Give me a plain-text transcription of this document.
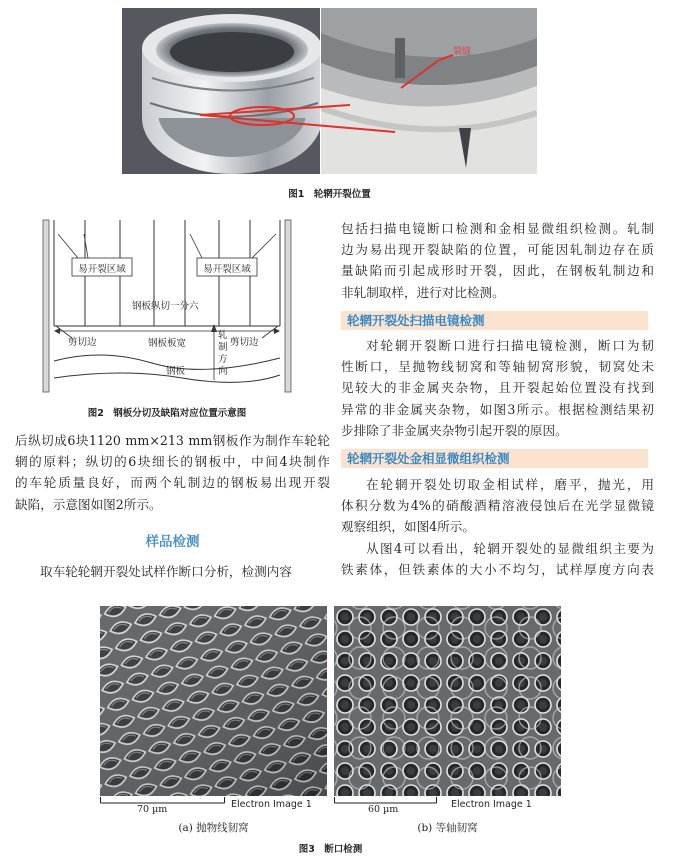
裂缝
图1　轮辋开裂位置
易开裂区域	易开裂区域
钢板纵切一分六
剪切边	剪切边
钢板板宽
轧制方向
钢板
图2　钢板分切及缺陷对应位置示意图
后纵切成6块1120 mm×213 mm钢板作为制作车轮轮
辋的原料；纵切的6块细长的钢板中，中间4块制作
的车轮质量良好，而两个轧制边的钢板易出现开裂
缺陷，示意图如图2所示。
样品检测
取车轮轮辋开裂处试样作断口分析，检测内容
包括扫描电镜断口检测和金相显微组织检测。轧制
边为易出现开裂缺陷的位置，可能因轧制边存在质
量缺陷而引起成形时开裂，因此，在钢板轧制边和
非轧制取样，进行对比检测。
轮辋开裂处扫描电镜检测
对轮辋开裂断口进行扫描电镜检测，断口为韧
性断口，呈抛物线韧窝和等轴韧窝形貌，韧窝处未
见较大的非金属夹杂物，且开裂起始位置没有找到
异常的非金属夹杂物，如图3所示。根据检测结果初
步排除了非金属夹杂物引起开裂的原因。
轮辋开裂处金相显微组织检测
在轮辋开裂处切取金相试样，磨平，抛光，用
体积分数为4%的硝酸酒精溶液侵蚀后在光学显微镜
观察组织，如图4所示。
从图4可以看出，轮辋开裂处的显微组织主要为
铁素体，但铁素体的大小不均匀，试样厚度方向表
70 µm	Electron Image 1	60 µm	Electron Image 1
(a) 抛物线韧窝	(b) 等轴韧窝
图3　断口检测
